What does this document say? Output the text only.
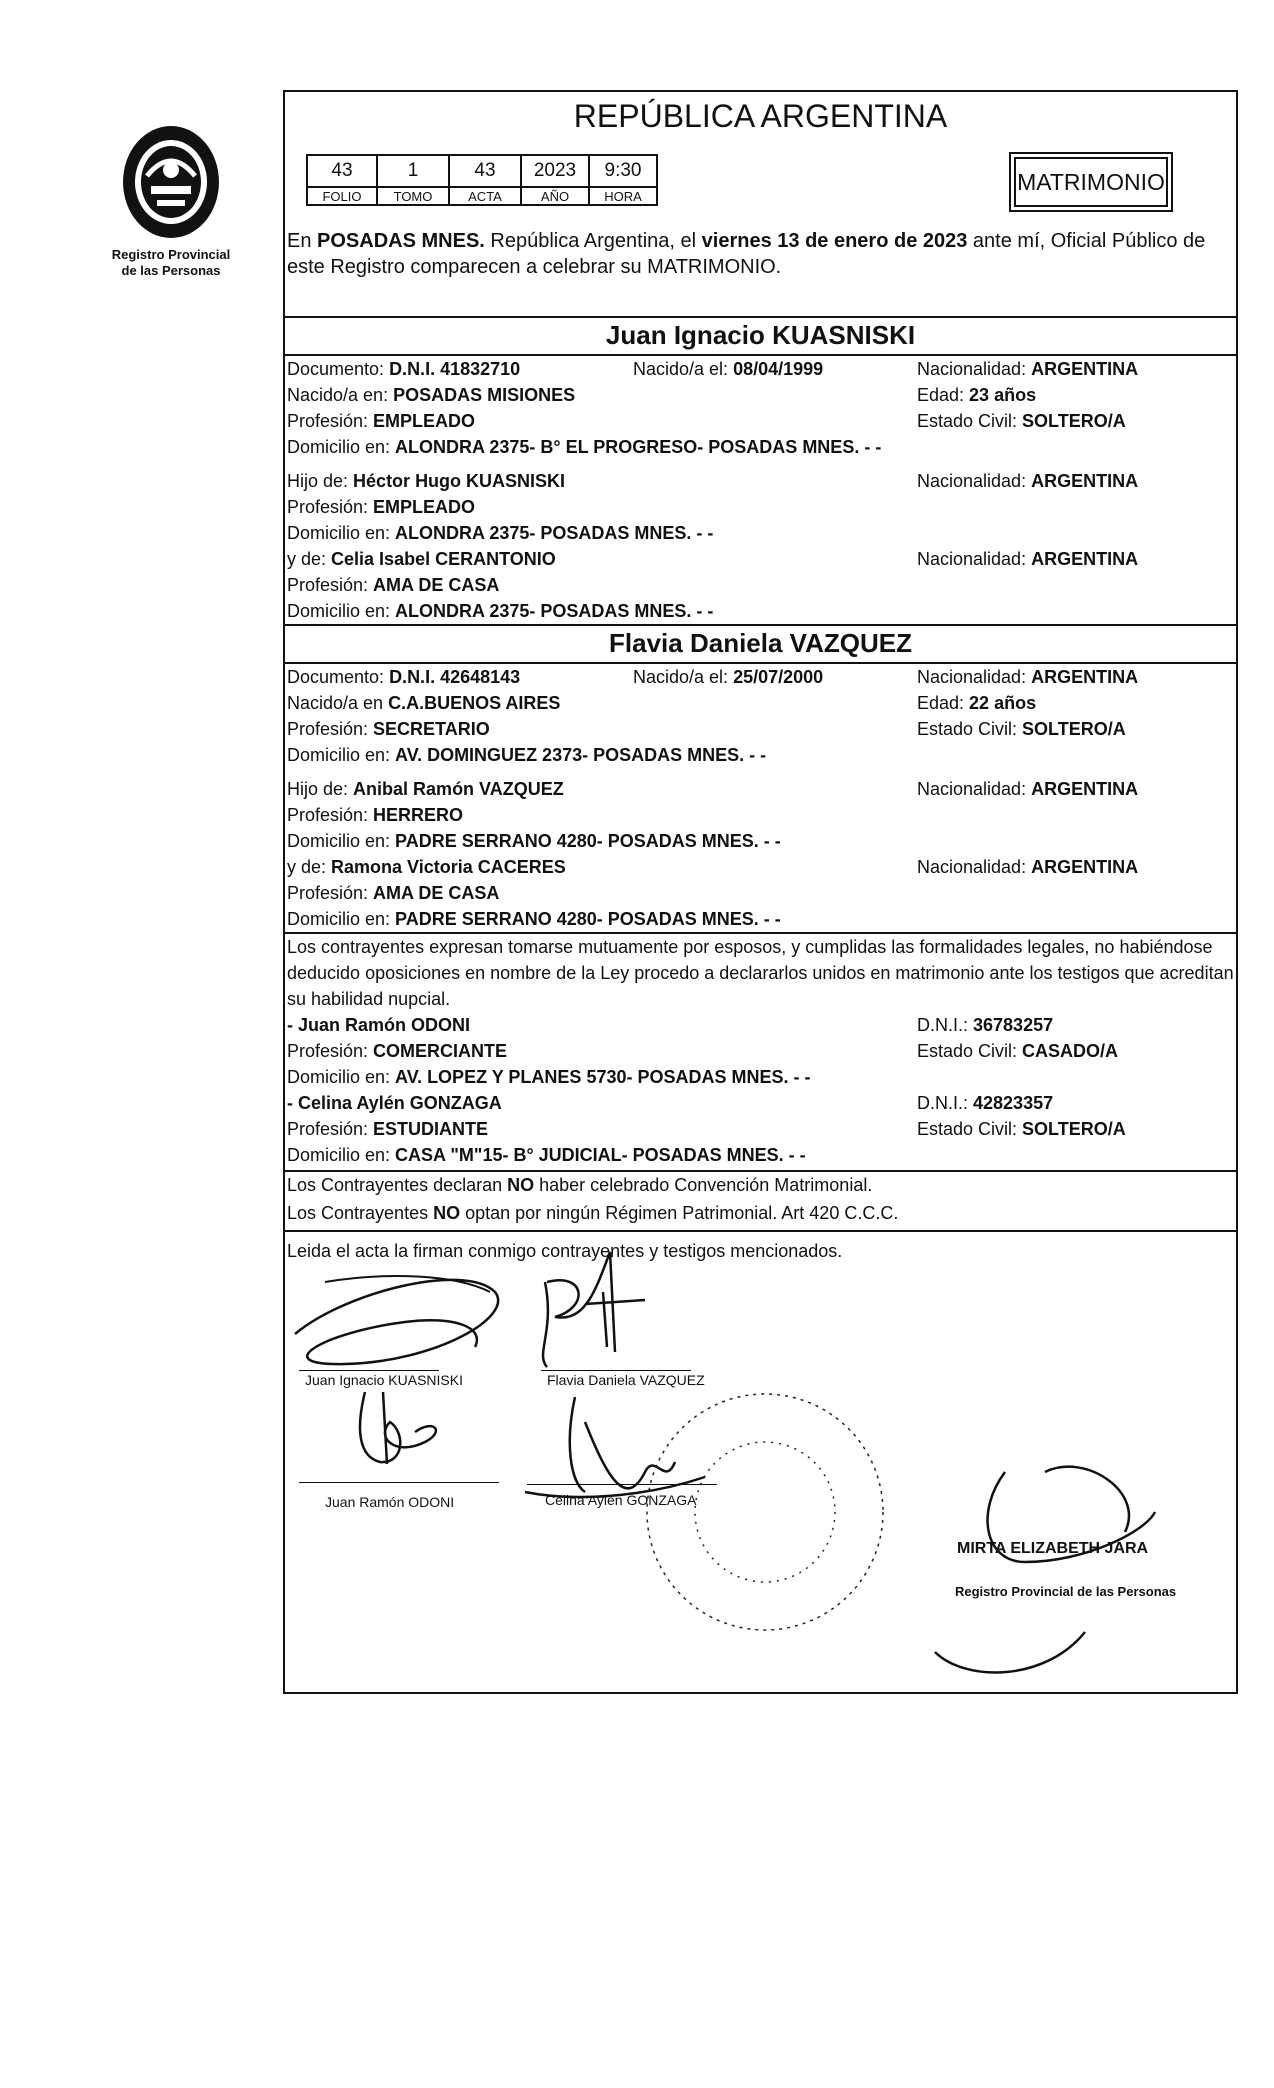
Registro Provincial
de las Personas
REPÚBLICA ARGENTINA
43	1	43	2023	9:30
FOLIO	TOMO	ACTA	AÑO	HORA
MATRIMONIO
En POSADAS MNES. República Argentina, el viernes 13 de enero de 2023 ante mí, Oficial Público de este Registro comparecen a celebrar su MATRIMONIO.
Juan Ignacio KUASNISKI
Documento: D.N.I. 41832710	Nacido/a el: 08/04/1999	Nacionalidad: ARGENTINA
Nacido/a en: POSADAS MISIONES	Edad: 23 años
Profesión: EMPLEADO	Estado Civil: SOLTERO/A
Domicilio en: ALONDRA 2375- B° EL PROGRESO- POSADAS MNES. - -
Hijo de: Héctor Hugo KUASNISKI	Nacionalidad: ARGENTINA
Profesión: EMPLEADO
Domicilio en: ALONDRA 2375- POSADAS MNES. - -
y de: Celia Isabel CERANTONIO	Nacionalidad: ARGENTINA
Profesión: AMA DE CASA
Domicilio en: ALONDRA 2375- POSADAS MNES. - -
Flavia Daniela VAZQUEZ
Documento: D.N.I. 42648143	Nacido/a el: 25/07/2000	Nacionalidad: ARGENTINA
Nacido/a en C.A.BUENOS AIRES	Edad: 22 años
Profesión: SECRETARIO	Estado Civil: SOLTERO/A
Domicilio en: AV. DOMINGUEZ 2373- POSADAS MNES. - -
Hijo de: Anibal Ramón VAZQUEZ	Nacionalidad: ARGENTINA
Profesión: HERRERO
Domicilio en: PADRE SERRANO 4280- POSADAS MNES. - -
y de: Ramona Victoria CACERES	Nacionalidad: ARGENTINA
Profesión: AMA DE CASA
Domicilio en: PADRE SERRANO 4280- POSADAS MNES. - -
Los contrayentes expresan tomarse mutuamente por esposos, y cumplidas las formalidades legales, no habiéndose deducido oposiciones en nombre de la Ley procedo a declararlos unidos en matrimonio ante los testigos que acreditan su habilidad nupcial.
- Juan Ramón ODONI	D.N.I.: 36783257
Profesión: COMERCIANTE	Estado Civil: CASADO/A
Domicilio en: AV. LOPEZ Y PLANES 5730- POSADAS MNES. - -
- Celina Aylén GONZAGA	D.N.I.: 42823357
Profesión: ESTUDIANTE	Estado Civil: SOLTERO/A
Domicilio en: CASA "M"15- B° JUDICIAL- POSADAS MNES. - -
Los Contrayentes declaran NO haber celebrado Convención Matrimonial.
Los Contrayentes NO optan por ningún Régimen Patrimonial. Art 420 C.C.C.
Leida el acta la firman conmigo contrayentes y testigos mencionados.
Juan Ignacio KUASNISKI	Flavia Daniela VAZQUEZ
Juan Ramón ODONI	Celina Aylén GONZAGA
MIRTA ELIZABETH JARA
Registro Provincial de las Personas
